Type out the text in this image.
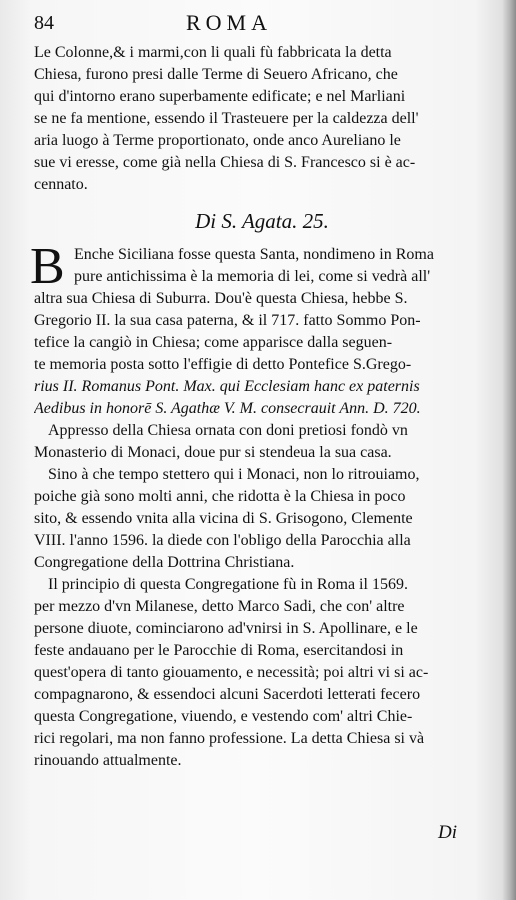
84	ROMA
Le Colonne,& i marmi,con li quali fù fabbricata la detta
Chiesa, furono presi dalle Terme di Seuero Africano, che
qui d'intorno erano superbamente edificate; e nel Marliani
se ne fa mentione, essendo il Trasteuere per la caldezza dell'
aria luogo à Terme proportionato, onde anco Aureliano le
sue vi eresse, come già nella Chiesa di S. Francesco si è ac-
cennato.
Di S. Agata. 25.
B Enche Siciliana fosse questa Santa, nondimeno in Roma
pure antichissima è la memoria di lei, come si vedrà all'
altra sua Chiesa di Suburra. Dou'è questa Chiesa, hebbe S.
Gregorio II. la sua casa paterna, & il 717. fatto Sommo Pon-
tefice la cangiò in Chiesa; come apparisce dalla seguen-
te memoria posta sotto l'effigie di detto Pontefice S.Grego-
rius II. Romanus Pont. Max. qui Ecclesiam hanc ex paternis
Aedibus in honorē S. Agathæ V. M. consecrauit Ann. D. 720.
Appresso della Chiesa ornata con doni pretiosi fondò vn
Monasterio di Monaci, doue pur si stendeua la sua casa.
Sino à che tempo stettero qui i Monaci, non lo ritrouiamo,
poiche già sono molti anni, che ridotta è la Chiesa in poco
sito, & essendo vnita alla vicina di S. Grisogono, Clemente
VIII. l'anno 1596. la diede con l'obligo della Parocchia alla
Congregatione della Dottrina Christiana.
Il principio di questa Congregatione fù in Roma il 1569.
per mezzo d'vn Milanese, detto Marco Sadi, che con' altre
persone diuote, cominciarono ad'vnirsi in S. Apollinare, e le
feste andauano per le Parocchie di Roma, esercitandosi in
quest'opera di tanto giouamento, e necessità; poi altri vi si ac-
compagnarono, & essendoci alcuni Sacerdoti letterati fecero
questa Congregatione, viuendo, e vestendo com' altri Chie-
rici regolari, ma non fanno professione. La detta Chiesa si và
rinouando attualmente.
Di
